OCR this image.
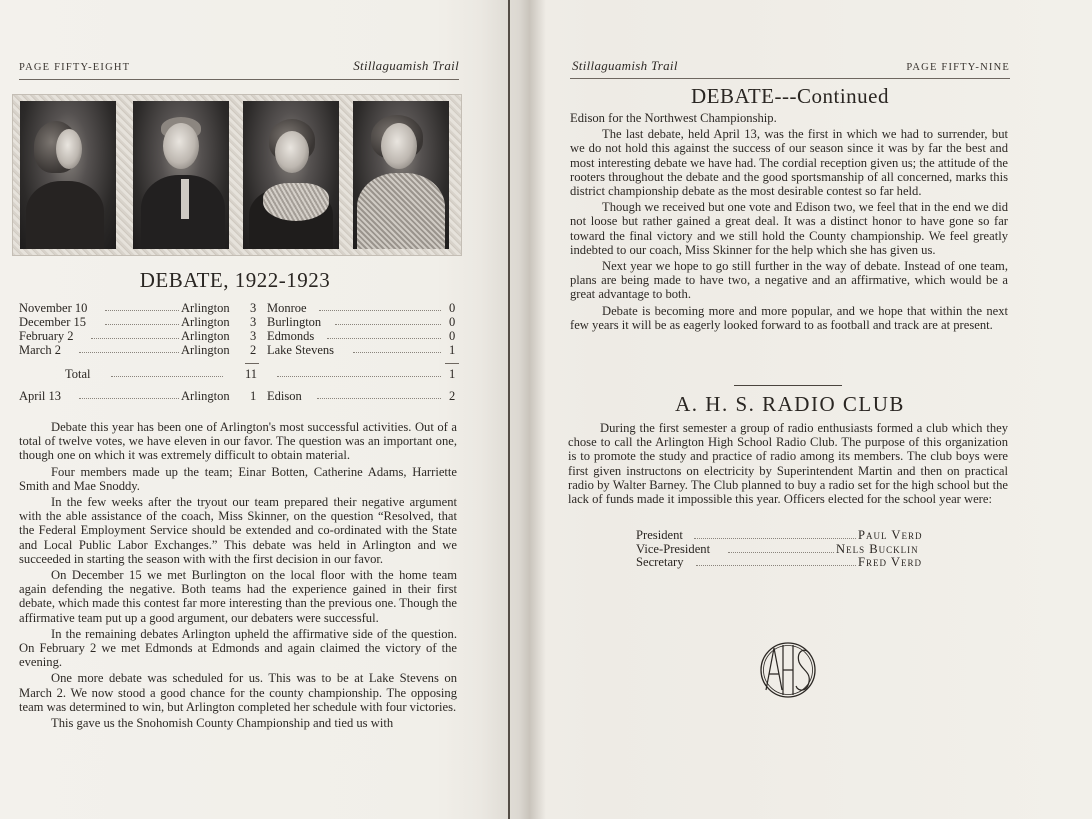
PAGE FIFTY-EIGHT	Stillaguamish Trail
DEBATE, 1922-1923
November 10	Arlington 3 Monroe	0
December 15	Arlington 3 Burlington	0
February 2	Arlington 3 Edmonds	0
March 2	Arlington 2 Lake Stevens	1
Total	11	1
April 13	Arlington 1 Edison	2

Debate this year has been one of Arlington's most successful activities. Out of a total of twelve votes, we have eleven in our favor. The question was an important one, though one on which it was extremely difficult to obtain material.

Four members made up the team; Einar Botten, Catherine Adams, Harriette Smith and Mae Snoddy.

In the few weeks after the tryout our team prepared their negative argument with the able assistance of the coach, Miss Skinner, on the question “Resolved, that the Federal Employment Service should be extended and co-ordinated with the State and Local Public Labor Exchanges.” This debate was held in Arlington and we succeeded in starting the season with with the first decision in our favor.

On December 15 we met Burlington on the local floor with the home team again defending the negative. Both teams had the experience gained in their first debate, which made this contest far more interesting than the previous one. Though the affirmative team put up a good argument, our debaters were successful.

In the remaining debates Arlington upheld the affirmative side of the question. On February 2 we met Edmonds at Edmonds and again claimed the victory of the evening.

One more debate was scheduled for us. This was to be at Lake Stevens on March 2. We now stood a good chance for the county championship. The opposing team was determined to win, but Arlington completed her schedule with four victories.

This gave us the Snohomish County Championship and tied us with

Stillaguamish Trail	PAGE FIFTY-NINE
DEBATE---Continued

Edison for the Northwest Championship.

The last debate, held April 13, was the first in which we had to surrender, but we do not hold this against the success of our season since it was by far the best and most interesting debate we have had. The cordial reception given us; the attitude of the rooters throughout the debate and the good sportsmanship of all concerned, marks this district championship debate as the most desirable contest so far held.

Though we received but one vote and Edison two, we feel that in the end we did not loose but rather gained a great deal. It was a distinct honor to have gone so far toward the final victory and we still hold the County championship. We feel greatly indebted to our coach, Miss Skinner for the help which she has given us.

Next year we hope to go still further in the way of debate. Instead of one team, plans are being made to have two, a negative and an affirmative, which would be a great advantage to both.

Debate is becoming more and more popular, and we hope that within the next few years it will be as eagerly looked forward to as football and track are at present.

A. H. S. RADIO CLUB

During the first semester a group of radio enthusiasts formed a club which they chose to call the Arlington High School Radio Club. The purpose of this organization is to promote the study and practice of radio among its members. The club boys were first given instructons on electricity by Superintendent Martin and then on practical radio by Walter Barney. The Club planned to buy a radio set for the high school but the lack of funds made it impossible this year. Officers elected for the school year were:

President	Paul Verd
Vice-President	Nels Bucklin
Secretary	Fred Verd
